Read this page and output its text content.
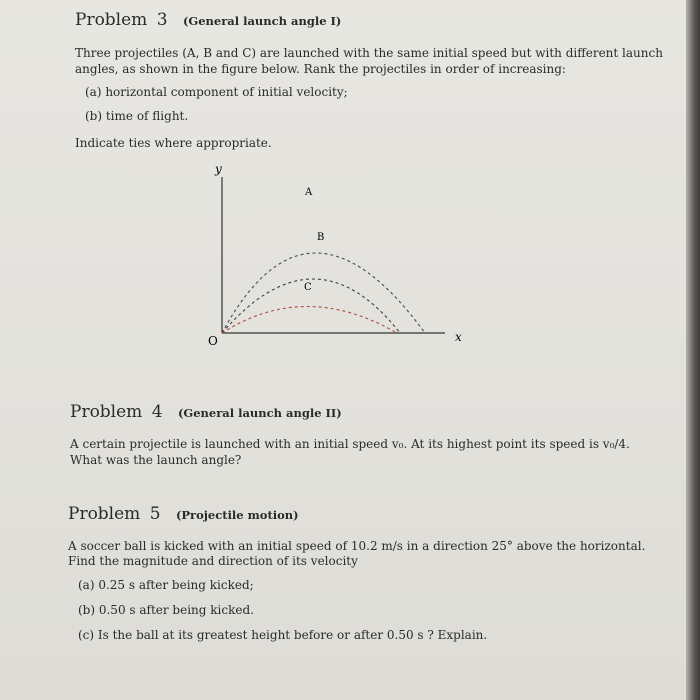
Problem 3 (General launch angle I)
Three projectiles (A, B and C) are launched with the same initial speed but with different launch
angles, as shown in the figure below. Rank the projectiles in order of increasing:
(a) horizontal component of initial velocity;
(b) time of flight.
Indicate ties where appropriate.
y
x
O
A
B
C
Problem 4 (General launch angle II)
A certain projectile is launched with an initial speed v₀. At its highest point its speed is v₀/4.
What was the launch angle?
Problem 5 (Projectile motion)
A soccer ball is kicked with an initial speed of 10.2 m/s in a direction 25° above the horizontal.
Find the magnitude and direction of its velocity
(a) 0.25 s after being kicked;
(b) 0.50 s after being kicked.
(c) Is the ball at its greatest height before or after 0.50 s ? Explain.
